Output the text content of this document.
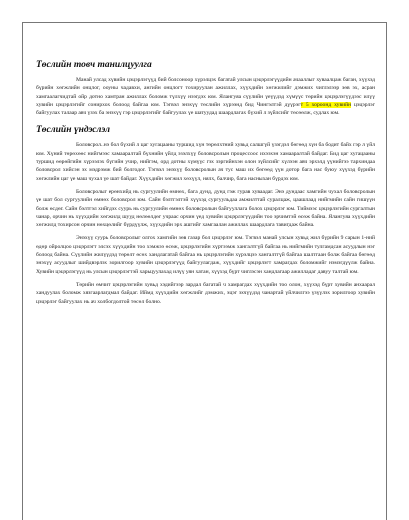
Төслийн товч танилцуулга

Манай улсад хүвийн цэцэрлэгүүд бий болсоноор хүрэлцэх багатай улсын цэцэрлэгүүдийн ачааллыг хуваалцаж баган, хүүхэд бүрийн хөгжлийн онцлог, ооуны чадавхи, ангийн онцлогт тохируулан ажиллах, хүүхдийн хөгжилийг дэмжих чиглэлээр зөв эх, асран хамгаалагчидтай ойр дотно хамтран ажиллах боломж түлхүү нээгдэх юм. Ялангуяа сүүлийн үеүүдэд хүмүүс төрийн цэцэрлэгүүдээс илүү хувийн цэцэрлэгийг сонирхох болоод байгаа юм. Тэгвэл энэхүү төслийн хүрээнд бид Чингэлтэй дүүрэгт 5 хороонд хувийн цэцэрлэг байгуулах талаар авч үзэх ба энэхүү гэр цэцэрлэгийг байгуулах үе шатуудад шаардлагах бүхий л зүйлсийг төсөөлж, судлах юм.

Төслийн үндэслэл

Боловсрол..нэ бол бүхий л цаг хугацааны туршид хүн төрөлхтний хувьд салшгүй үзэгдэл бөгөөд хүн ба бодит байх гэр л үйл юм. Хүний төрөхөөс нийгмээс хамааралтай бүхнийн үйлд эзэлхүү боловсролын процессоос ихээхэн хамааралтай байдаг. Бид цаг хугацааны туршид өөрөйгийн хүрээлэх бүгийн учир, нийгэм, орд дотны хүмүүс гэх зэргийнхэн олон зүйлсийг хүлээн авч эрхэлд үүнийгээ тархиндаа боловсрол хийсэн эх мэдрэмж бий болгодог. Тэгвэл энэхүү боловсролын ач тус маш их бөгөөд үүн дотор бага нас буюу хүүхэд бүрийн хөгжлийн цаг үе маш чухал үе шат байдаг. Хүүхдийн хөгжил хөхүүл, нялх, балчир, бага насныхан бүрдэх юм.

Боловсролыг ерөнхийд нь сургуулийн өмнөх, бага дунд, дунд гэж гурав хуваадаг. Энэ дундаас хамгийн чухал боловсролын үе шат бол сургуулийн өмнөх боловсрол юм. Сайн бэлтгэлтэй хүүхэд сургуульдаа амжилттай суралцаж, цаашлаад нийгмийн сайн гишүүн болж өсдөг. Сайн бэлтгэл хийгдэх суурь нь сургуулийн өмнөх боловсролын байгууллага болох цэцэрлэг юм. Тиймээс цэцэрлэгийн сургалтын чанар, орчин нь хүүхдийн хөгжилд шууд нөлөөлдөг учраас орчин үед хувийн цэцэрлэгүүдийн тоо эрчимтэй өсөж байна. Ялангуяа хүүхдийн хөгжилд тохирсон орчин нөхцөлийг бүрдүүлж, хүүхдийн эрх ашгийг хамгаалан ажиллах шаардлага тавигдаж байна.

Энэхүү суурь боловсролыг олгох хамгийн зөв газар бол цэцэрлэг юм. Тэгвэл манай улсын хувьд жил бүрийн 9 сарын 1-ний өдөр ойролцоо цэцэрлэгт элсэх хүүхдийн тоо хэмжээ өсөж, цэцэрлэгийн хүртээмж хангалтгүй байгаа нь нийгмийн тулгамдсан асуудлын нэг болоод байна. Сүүлийн жилүүдэд төрөлт өсөх хандлагатай байгаа нь цэцэрлэгийн хүрэлцээ хангалтгүй байгаа шалтгаан болж байгаа бөгөөд энэхүү асуудлыг шийдвэрлэх зорилгоор хувийн цэцэрлэгүүд байгуулагдаж, хүүхдийг цэцэрлэгт хамрагдах боломжийг нэмэгдүүлж байна. Хувийн цэцэрлэгүүд нь улсын цэцэрлэгтэй харьцуулахад илүү уян хатан, хүүхэд бүрт чиглэсэн хандлагаар ажилладаг давуу талтай юм.

Төрийн өмчит цэцэрлэгийн хувьд хэдийгээр зардал багатай ч хамрагдах хүүхдийн тоо олон, хүүхэд бүрт хувийн анхаарал хандуулах боломж хязгаарлагдмал байдаг. Иймд хүүхдийн хөгжлийг дэмжих, эцэг эхчүүдэд чанартай үйлчилгээ үзүүлэх зорилгоор хувийн цэцэрлэг байгуулах нь ач холбогдолтой төсөл болно.
